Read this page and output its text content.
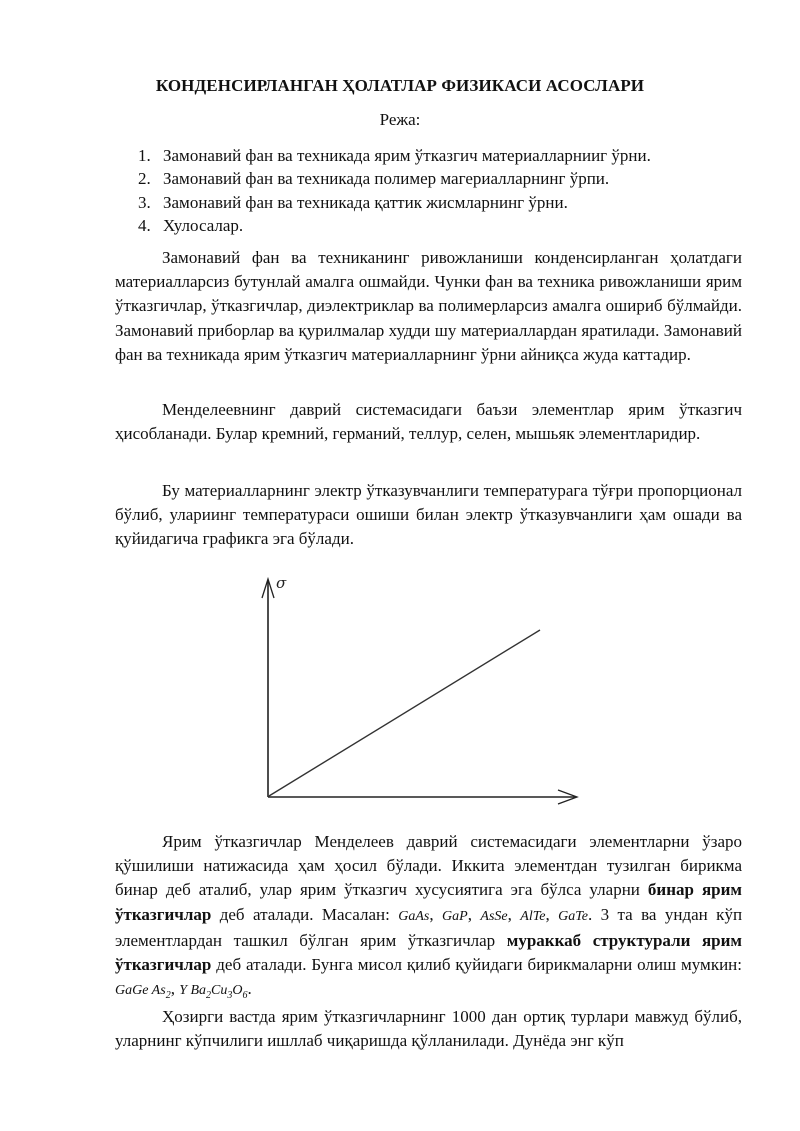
КОНДЕНСИРЛАНГАН ҲОЛАТЛАР ФИЗИКАСИ АСОСЛАРИ
Режа:
1. Замонавий фан ва техникада ярим ўтказгич материалларнииг ўрни.
2. Замонавий фан ва техникада полимер магериалларнинг ўрпи.
3. Замонавий фан ва техникада қаттик жисмларнинг ўрни.
4. Хулосалар.

Замонавий фан ва техниканинг ривожланиши конденсирланган ҳолатдаги материалларсиз бутунлай амалга ошмайди. Чунки фан ва техника ривожланиши ярим ўтказгичлар, ўтказгичлар, диэлектриклар ва полимерларсиз амалга ошириб бўлмайди. Замонавий приборлар ва қурилмалар худди шу материаллардан яратилади. Замонавий фан ва техникада ярим ўтказгич материалларнинг ўрни айниқса жуда каттадир.

Менделеевнинг даврий системасидаги баъзи элементлар ярим ўтказгич ҳисобланади. Булар кремний, германий, теллур, селен, мышьяк элементларидир.

Бу материалларнинг электр ўтказувчанлиги температурага тўғри пропорционал бўлиб, улариинг температураси ошиши билан электр ўтказувчанлиги ҳам ошади ва қуйидагича графикга эга бўлади.

σ

Ярим ўтказгичлар Менделеев даврий системасидаги элементларни ўзаро қўшилиши натижасида ҳам ҳосил бўлади. Иккита элементдан тузилган бирикма бинар деб аталиб, улар ярим ўтказгич хусусиятига эга бўлса уларни бинар ярим ўтказгичлар деб аталади. Масалан: GaAs, GaP, AsSe, AlTe, GaTe. 3 та ва ундан кўп элементлардан ташкил бўлган ярим ўтказгичлар мураккаб структурали ярим ўтказгичлар деб аталади. Бунга мисол қилиб қуйидаги бирикмаларни олиш мумкин: GaGe $As_2$, Y $Ba_2Cu_3O_6$.

Ҳозирги вастда ярим ўтказгичларнинг 1000 дан ортиқ турлари мавжуд бўлиб, уларнинг кўпчилиги ишллаб чиқаришда қўлланилади. Дунёда энг кўп
